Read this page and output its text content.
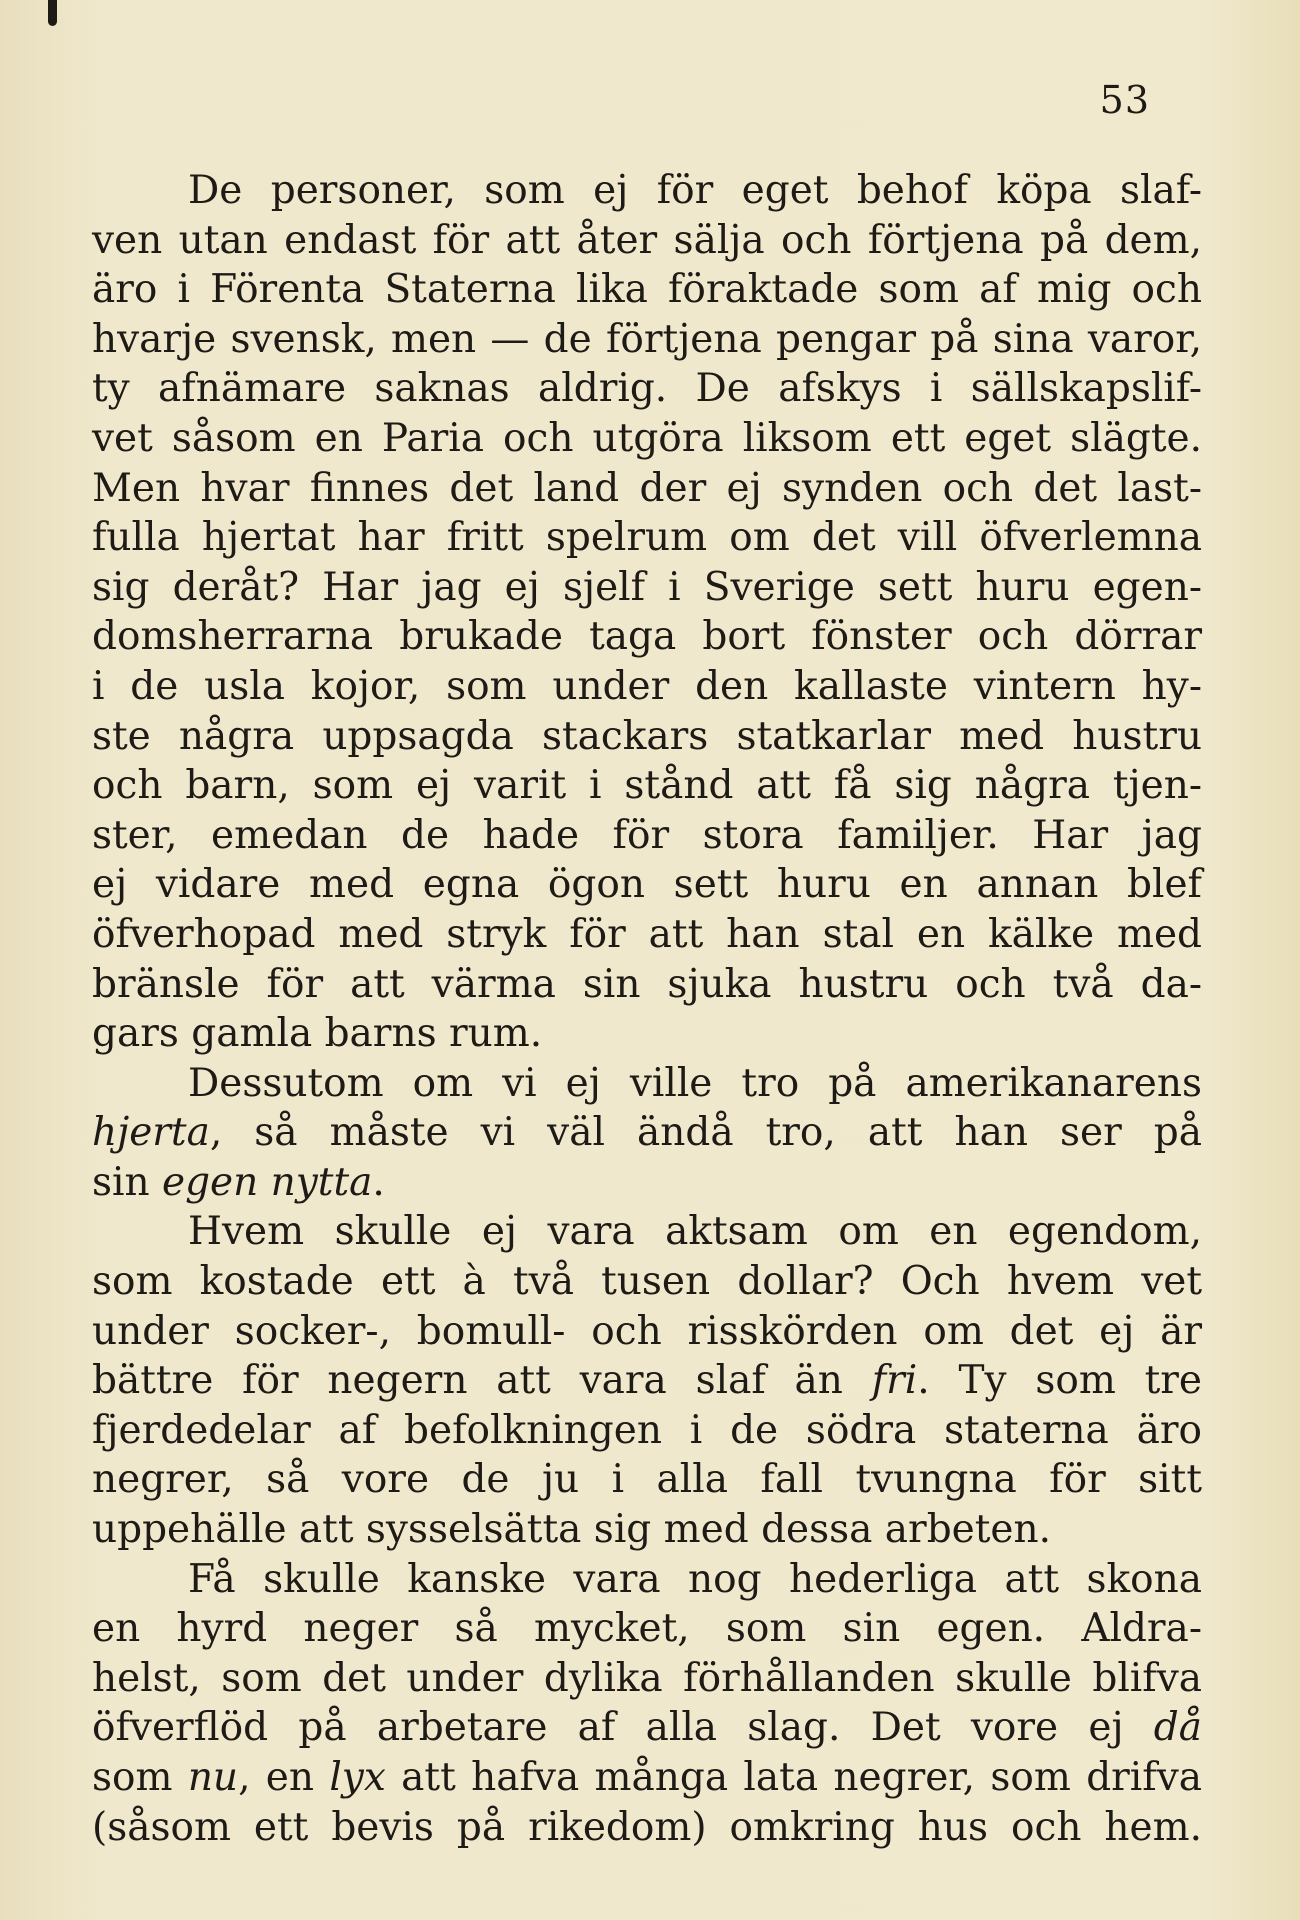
53
De personer, som ej för eget behof köpa slaf-
ven utan endast för att åter sälja och förtjena på dem,
äro i Förenta Staterna lika föraktade som af mig och
hvarje svensk, men — de förtjena pengar på sina varor,
ty afnämare saknas aldrig. De afskys i sällskapslif-
vet såsom en Paria och utgöra liksom ett eget slägte.
Men hvar finnes det land der ej synden och det last-
fulla hjertat har fritt spelrum om det vill öfverlemna
sig deråt? Har jag ej sjelf i Sverige sett huru egen-
domsherrarna brukade taga bort fönster och dörrar
i de usla kojor, som under den kallaste vintern hy-
ste några uppsagda stackars statkarlar med hustru
och barn, som ej varit i stånd att få sig några tjen-
ster, emedan de hade för stora familjer. Har jag
ej vidare med egna ögon sett huru en annan blef
öfverhopad med stryk för att han stal en kälke med
bränsle för att värma sin sjuka hustru och två da-
gars gamla barns rum.
Dessutom om vi ej ville tro på amerikanarens
hjerta, så måste vi väl ändå tro, att han ser på
sin egen nytta.
Hvem skulle ej vara aktsam om en egendom,
som kostade ett à två tusen dollar? Och hvem vet
under socker-, bomull- och risskörden om det ej är
bättre för negern att vara slaf än fri. Ty som tre
fjerdedelar af befolkningen i de södra staterna äro
negrer, så vore de ju i alla fall tvungna för sitt
uppehälle att sysselsätta sig med dessa arbeten.
Få skulle kanske vara nog hederliga att skona
en hyrd neger så mycket, som sin egen. Aldra-
helst, som det under dylika förhållanden skulle blifva
öfverflöd på arbetare af alla slag. Det vore ej då
som nu, en lyx att hafva många lata negrer, som drifva
(såsom ett bevis på rikedom) omkring hus och hem.
